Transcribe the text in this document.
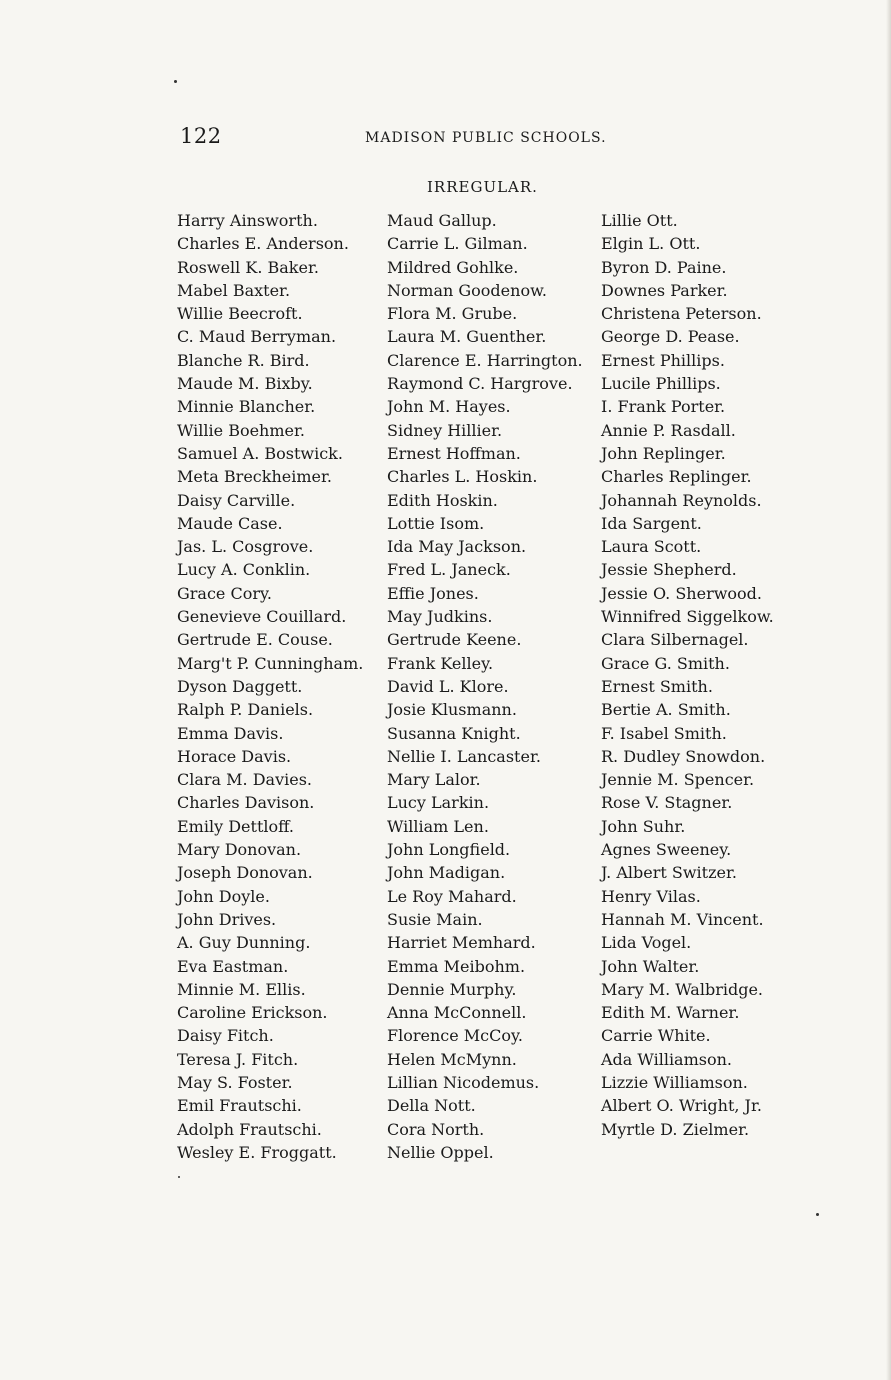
122	MADISON PUBLIC SCHOOLS.
IRREGULAR.
Harry Ainsworth.
Charles E. Anderson.
Roswell K. Baker.
Mabel Baxter.
Willie Beecroft.
C. Maud Berryman.
Blanche R. Bird.
Maude M. Bixby.
Minnie Blancher.
Willie Boehmer.
Samuel A. Bostwick.
Meta Breckheimer.
Daisy Carville.
Maude Case.
Jas. L. Cosgrove.
Lucy A. Conklin.
Grace Cory.
Genevieve Couillard.
Gertrude E. Couse.
Marg't P. Cunningham.
Dyson Daggett.
Ralph P. Daniels.
Emma Davis.
Horace Davis.
Clara M. Davies.
Charles Davison.
Emily Dettloff.
Mary Donovan.
Joseph Donovan.
John Doyle.
John Drives.
A. Guy Dunning.
Eva Eastman.
Minnie M. Ellis.
Caroline Erickson.
Daisy Fitch.
Teresa J. Fitch.
May S. Foster.
Emil Frautschi.
Adolph Frautschi.
Wesley E. Froggatt.
Maud Gallup.
Carrie L. Gilman.
Mildred Gohlke.
Norman Goodenow.
Flora M. Grube.
Laura M. Guenther.
Clarence E. Harrington.
Raymond C. Hargrove.
John M. Hayes.
Sidney Hillier.
Ernest Hoffman.
Charles L. Hoskin.
Edith Hoskin.
Lottie Isom.
Ida May Jackson.
Fred L. Janeck.
Effie Jones.
May Judkins.
Gertrude Keene.
Frank Kelley.
David L. Klore.
Josie Klusmann.
Susanna Knight.
Nellie I. Lancaster.
Mary Lalor.
Lucy Larkin.
William Len.
John Longfield.
John Madigan.
Le Roy Mahard.
Susie Main.
Harriet Memhard.
Emma Meibohm.
Dennie Murphy.
Anna McConnell.
Florence McCoy.
Helen McMynn.
Lillian Nicodemus.
Della Nott.
Cora North.
Nellie Oppel.
Lillie Ott.
Elgin L. Ott.
Byron D. Paine.
Downes Parker.
Christena Peterson.
George D. Pease.
Ernest Phillips.
Lucile Phillips.
I. Frank Porter.
Annie P. Rasdall.
John Replinger.
Charles Replinger.
Johannah Reynolds.
Ida Sargent.
Laura Scott.
Jessie Shepherd.
Jessie O. Sherwood.
Winnifred Siggelkow.
Clara Silbernagel.
Grace G. Smith.
Ernest Smith.
Bertie A. Smith.
F. Isabel Smith.
R. Dudley Snowdon.
Jennie M. Spencer.
Rose V. Stagner.
John Suhr.
Agnes Sweeney.
J. Albert Switzer.
Henry Vilas.
Hannah M. Vincent.
Lida Vogel.
John Walter.
Mary M. Walbridge.
Edith M. Warner.
Carrie White.
Ada Williamson.
Lizzie Williamson.
Albert O. Wright, Jr.
Myrtle D. Zielmer.
